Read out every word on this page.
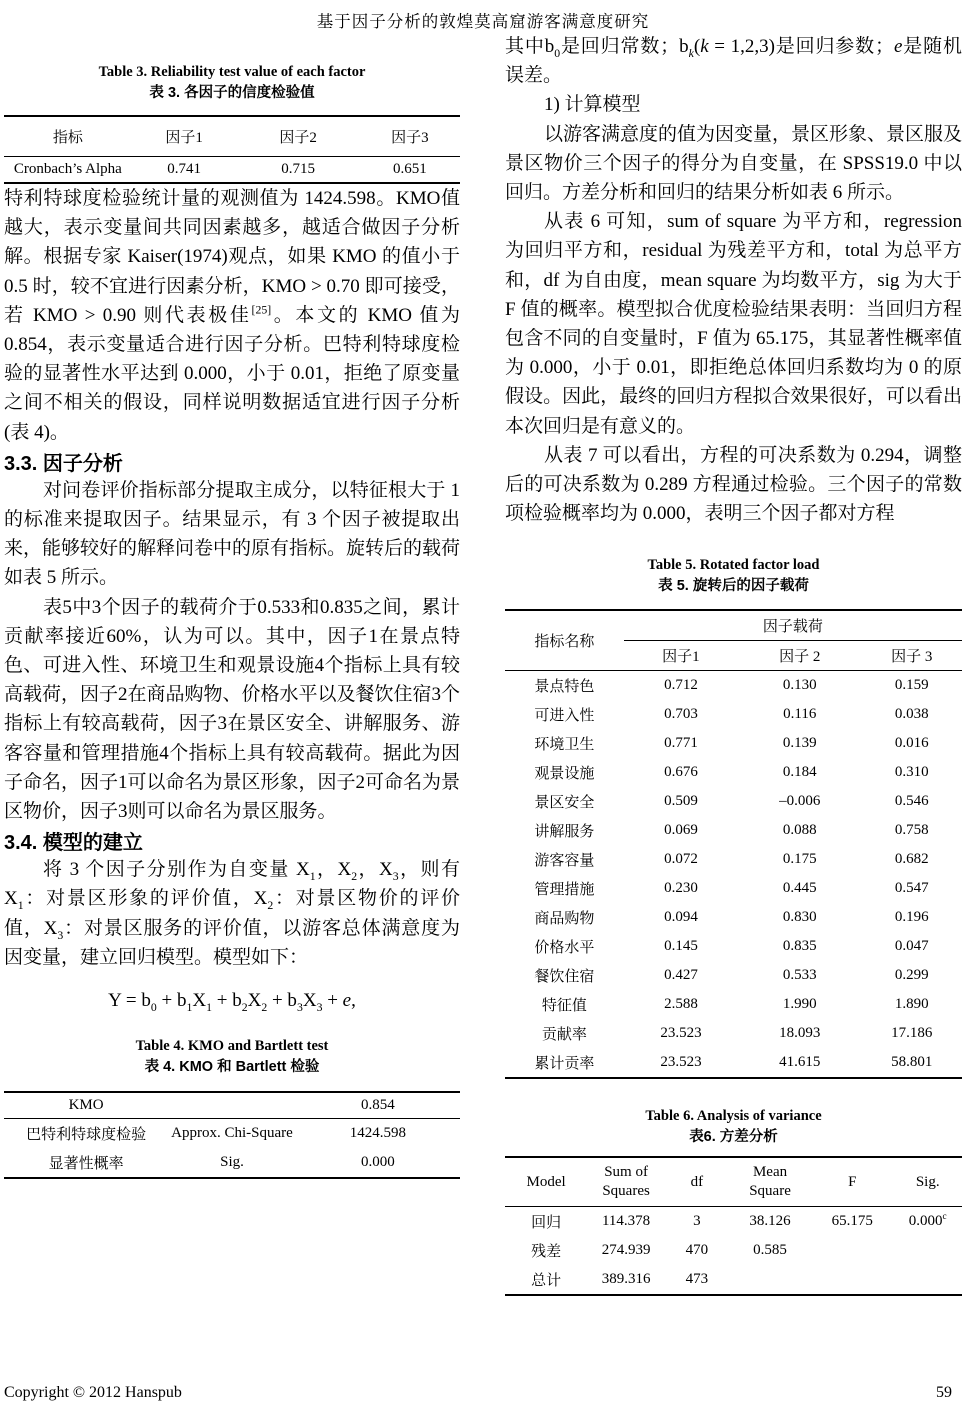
基于因子分析的敦煌莫高窟游客满意度研究
Table 3. Reliability test value of each factor
表 3. 各因子的信度检验值
指标	因子1	因子2	因子3
Cronbach’s Alpha	0.741	0.715	0.651

特利特球度检验统计量的观测值为 1424.598。KMO值越大，表示变量间共同因素越多，越适合做因子分析解。根据专家 Kaiser(1974)观点，如果 KMO 的值小于 0.5 时，较不宜进行因素分析，KMO > 0.70 即可接受，若 KMO > 0.90 则代表极佳[25]。本文的 KMO 值为 0.854，表示变量适合进行因子分析。巴特利特球度检验的显著性水平达到 0.000，小于 0.01，拒绝了原变量之间不相关的假设，同样说明数据适宜进行因子分析(表 4)。

3.3. 因子分析

对问卷评价指标部分提取主成分，以特征根大于 1 的标准来提取因子。结果显示，有 3 个因子被提取出来，能够较好的解释问卷中的原有指标。旋转后的载荷如表 5 所示。

表5中3个因子的载荷介于0.533和0.835之间，累计贡献率接近60%，认为可以。其中，因子1在景点特色、可进入性、环境卫生和观景设施4个指标上具有较高载荷，因子2在商品购物、价格水平以及餐饮住宿3个指标上有较高载荷，因子3在景区安全、讲解服务、游客容量和管理措施4个指标上具有较高载荷。据此为因子命名，因子1可以命名为景区形象，因子2可命名为景区物价，因子3则可以命名为景区服务。

3.4. 模型的建立

将 3 个因子分别作为自变量 $X_1$，$X_2$，$X_3$，则有$X_1$：对景区形象的评价值，$X_2$：对景区物价的评价值，$X_3$：对景区服务的评价值，以游客总体满意度为因变量，建立回归模型。模型如下：

$Y = b_0 + b_1X_1 + b_2X_2 + b_3X_3 + e$,
Table 4. KMO and Bartlett test
表 4. KMO 和 Bartlett 检验
KMO		0.854
巴特利特球度检验	Approx. Chi-Square	1424.598
显著性概率	Sig.	0.000

其中$b_0$是回归常数；$b_k(k = 1,2,3)$是回归参数；e是随机误差。

1) 计算模型

以游客满意度的值为因变量，景区形象、景区服及景区物价三个因子的得分为自变量，在 SPSS19.0 中以回归。方差分析和回归的结果分析如表 6 所示。

从表 6 可知，sum of square 为平方和，regression 为回归平方和，residual 为残差平方和，total 为总平方和，df 为自由度，mean square 为均数平方，sig 为大于 F 值的概率。模型拟合优度检验结果表明：当回归方程包含不同的自变量时，F 值为 65.175，其显著性概率值为 0.000，小于 0.01，即拒绝总体回归系数均为 0 的原假设。因此，最终的回归方程拟合效果很好，可以看出本次回归是有意义的。

从表 7 可以看出，方程的可决系数为 0.294，调整后的可决系数为 0.289 方程通过检验。三个因子的常数项检验概率均为 0.000，表明三个因子都对方程

Table 5. Rotated factor load
表 5. 旋转后的因子载荷
指标名称	因子载荷		
	因子1	因子 2	因子 3
景点特色	0.712	0.130	0.159
可进入性	0.703	0.116	0.038
环境卫生	0.771	0.139	0.016
观景设施	0.676	0.184	0.310
景区安全	0.509	–0.006	0.546
讲解服务	0.069	0.088	0.758
游客容量	0.072	0.175	0.682
管理措施	0.230	0.445	0.547
商品购物	0.094	0.830	0.196
价格水平	0.145	0.835	0.047
餐饮住宿	0.427	0.533	0.299
特征值	2.588	1.990	1.890
贡献率	23.523	18.093	17.186
累计贡率	23.523	41.615	58.801
Table 6. Analysis of variance
表6. 方差分析
Model	Sum of Squares	df	Mean Square	F	Sig.
回归	114.378	3	38.126	65.175	0.000$^c$
残差	274.939	470	0.585		
总计	389.316	473			
Copyright © 2012 Hanspub	59
